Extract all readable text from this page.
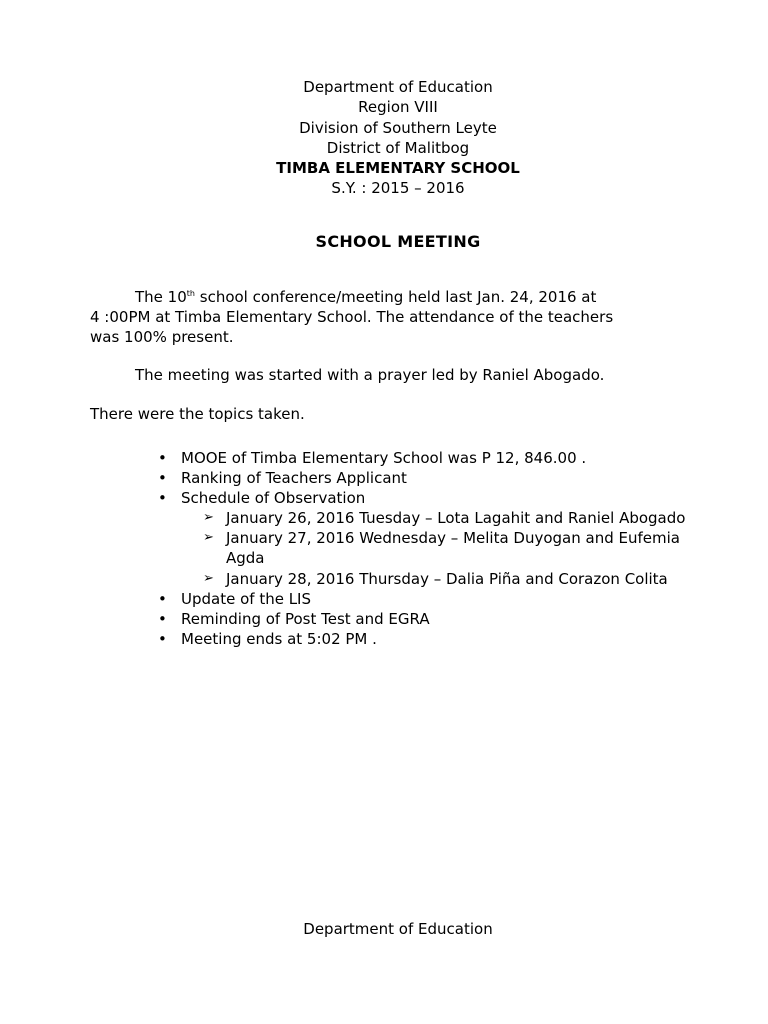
Department of Education
Region VIII
Division of Southern Leyte
District of Malitbog
TIMBA ELEMENTARY SCHOOL
S.Y. : 2015 – 2016
SCHOOL MEETING
The 10th school conference/meeting held last Jan. 24, 2016 at
4 :00PM at Timba Elementary School. The attendance of the teachers
was 100% present.
The meeting was started with a prayer led by Raniel Abogado.
There were the topics taken.
• MOOE of Timba Elementary School was P 12, 846.00 .
• Ranking of Teachers Applicant
• Schedule of Observation
➢ January 26, 2016 Tuesday – Lota Lagahit and Raniel Abogado
➢ January 27, 2016 Wednesday – Melita Duyogan and Eufemia Agda
➢ January 28, 2016 Thursday – Dalia Piña and Corazon Colita
• Update of the LIS
• Reminding of Post Test and EGRA
• Meeting ends at 5:02 PM .
Department of Education
